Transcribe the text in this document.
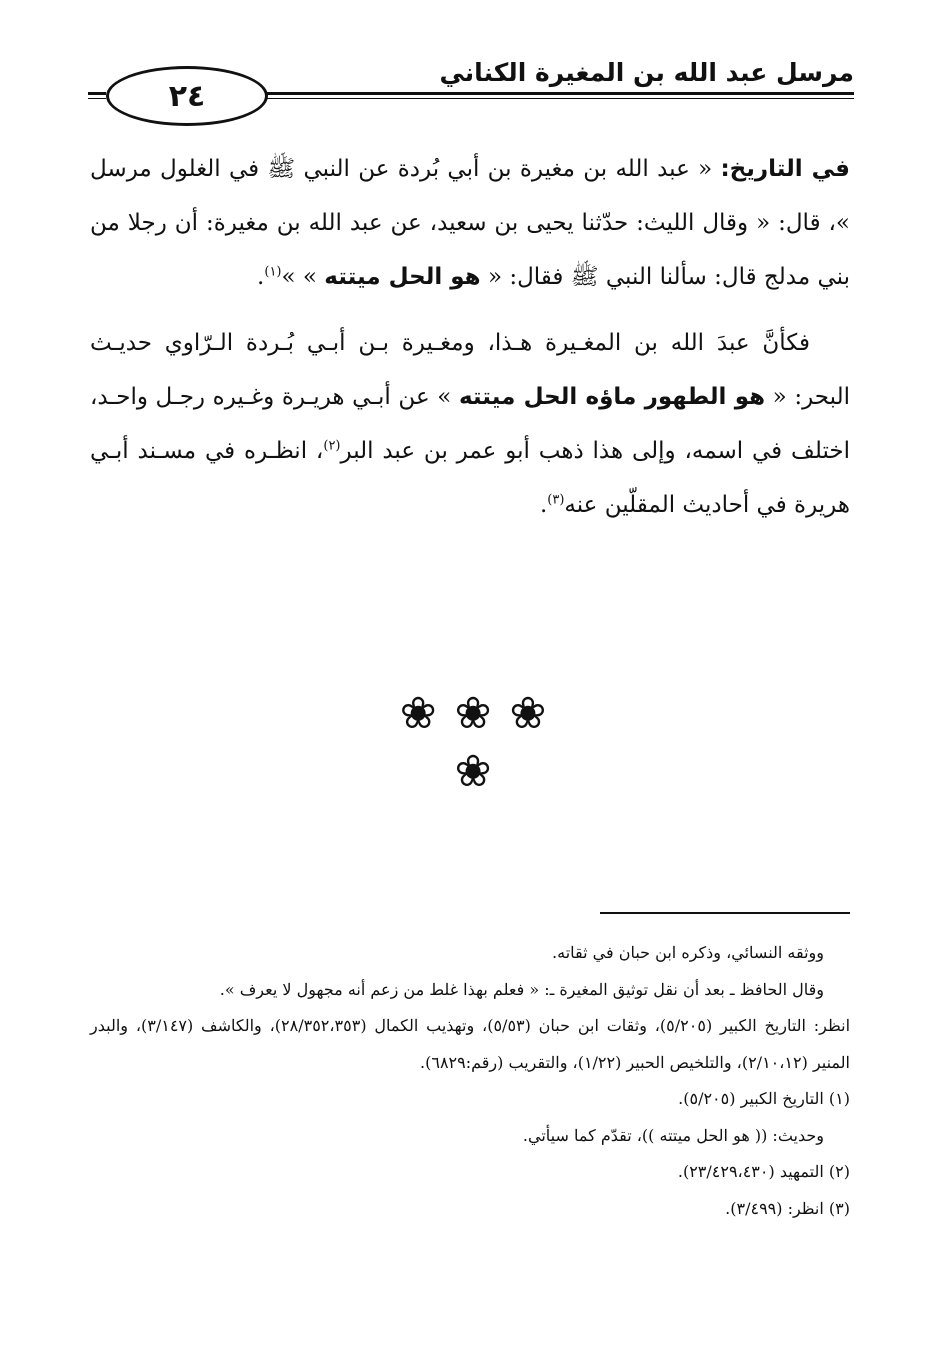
مرسل عبد الله بن المغيرة الكناني
٢٤

في التاريخ: « عبد الله بن مغيرة بن أبي بُردة عن النبي ﷺ في الغلول مرسل »، قال: « وقال الليث: حدّثنا يحيى بن سعيد، عن عبد الله بن مغيرة: أن رجلا من بني مدلج قال: سألنا النبي ﷺ فقال: « هو الحل ميتته » »$^{(١)}$.

فكأنَّ عبدَ الله بن المغـيرة هـذا، ومغـيرة بـن أبـي بُـردة الـرّاوي حديـث البحر: « هو الطهور ماؤه الحل ميتته » عن أبـي هريـرة وغـيره رجـل واحـد، اختلف في اسمه، وإلى هذا ذهب أبو عمر بن عبد البر$^{(٢)}$، انظـره في مسـند أبـي هريرة في أحاديث المقلّين عنه$^{(٣)}$.

❀
❀
❀
❀

ووثقه النسائي، وذكره ابن حبان في ثقاته.

وقال الحافظ ـ بعد أن نقل توثيق المغيرة ـ: « فعلم بهذا غلط من زعم أنه مجهول لا يعرف ».

انظر: التاريخ الكبير (٥/٢٠٥)، وثقات ابن حبان (٥/٥٣)، وتهذيب الكمال (٢٨/٣٥٢،٣٥٣)، والكاشف (٣/١٤٧)، والبدر المنير (٢/١٠،١٢)، والتلخيص الحبير (١/٢٢)، والتقريب (رقم:٦٨٢٩).

(١) التاريخ الكبير (٥/٢٠٥).

وحديث: (( هو الحل ميتته ))، تقدّم كما سيأتي.

(٢) التمهيد (٢٣/٤٢٩،٤٣٠).

(٣) انظر: (٣/٤٩٩).
